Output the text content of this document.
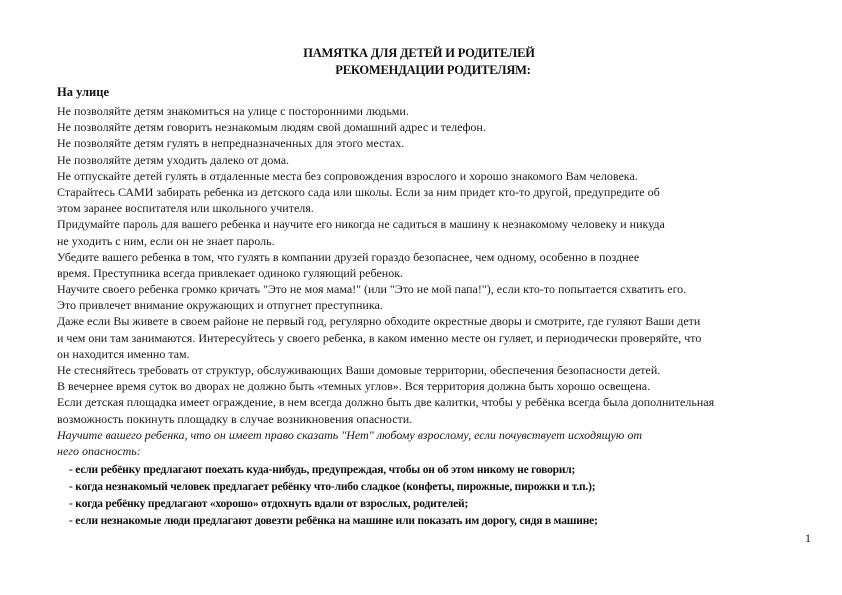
ПАМЯТКА ДЛЯ ДЕТЕЙ И РОДИТЕЛЕЙ
РЕКОМЕНДАЦИИ РОДИТЕЛЯМ:
На улице
Не позволяйте детям знакомиться на улице с посторонними людьми.
Не позволяйте детям говорить незнакомым людям свой домашний адрес и телефон.
Не позволяйте детям гулять в непредназначенных для этого местах.
Не позволяйте детям уходить далеко от дома.
Не отпускайте детей гулять в отдаленные места без сопровождения взрослого и хорошо знакомого Вам человека.
Старайтесь САМИ забирать ребенка из детского сада или школы. Если за ним придет кто-то другой, предупредите об
этом заранее воспитателя или школьного учителя.
Придумайте пароль для вашего ребенка и научите его никогда не садиться в машину к незнакомому человеку и никуда
не уходить с ним, если он не знает пароль.
Убедите вашего ребенка в том, что гулять в компании друзей гораздо безопаснее, чем одному, особенно в позднее
время. Преступника всегда привлекает одиноко гуляющий ребенок.
Научите своего ребенка громко кричать "Это не моя мама!" (или "Это не мой папа!"), если кто-то попытается схватить его.
Это привлечет внимание окружающих и отпугнет преступника.
Даже если Вы живете в своем районе не первый год, регулярно обходите окрестные дворы и смотрите, где гуляют Ваши дети
и чем они там занимаются. Интересуйтесь у своего ребенка, в каком именно месте он гуляет, и периодически проверяйте, что
он находится именно там.
Не стесняйтесь требовать от структур, обслуживающих Ваши домовые территории, обеспечения безопасности детей.
В вечернее время суток во дворах не должно быть «темных углов». Вся территория должна быть хорошо освещена.
Если детская площадка имеет ограждение, в нем всегда должно быть две калитки, чтобы у ребёнка всегда была дополнительная
возможность покинуть площадку в случае возникновения опасности.
Научите вашего ребенка, что он имеет право сказать "Нет" любому взрослому, если почувствует исходящую от
него опасность:
- если ребёнку предлагают поехать куда-нибудь, предупреждая, чтобы он об этом никому не говорил;
- когда незнакомый человек предлагает ребёнку что-либо сладкое (конфеты, пирожные, пирожки и т.п.);
- когда ребёнку предлагают «хорошо» отдохнуть вдали от взрослых, родителей;
- если незнакомые люди предлагают довезти ребёнка на машине или показать им дорогу, сидя в машине;
1
